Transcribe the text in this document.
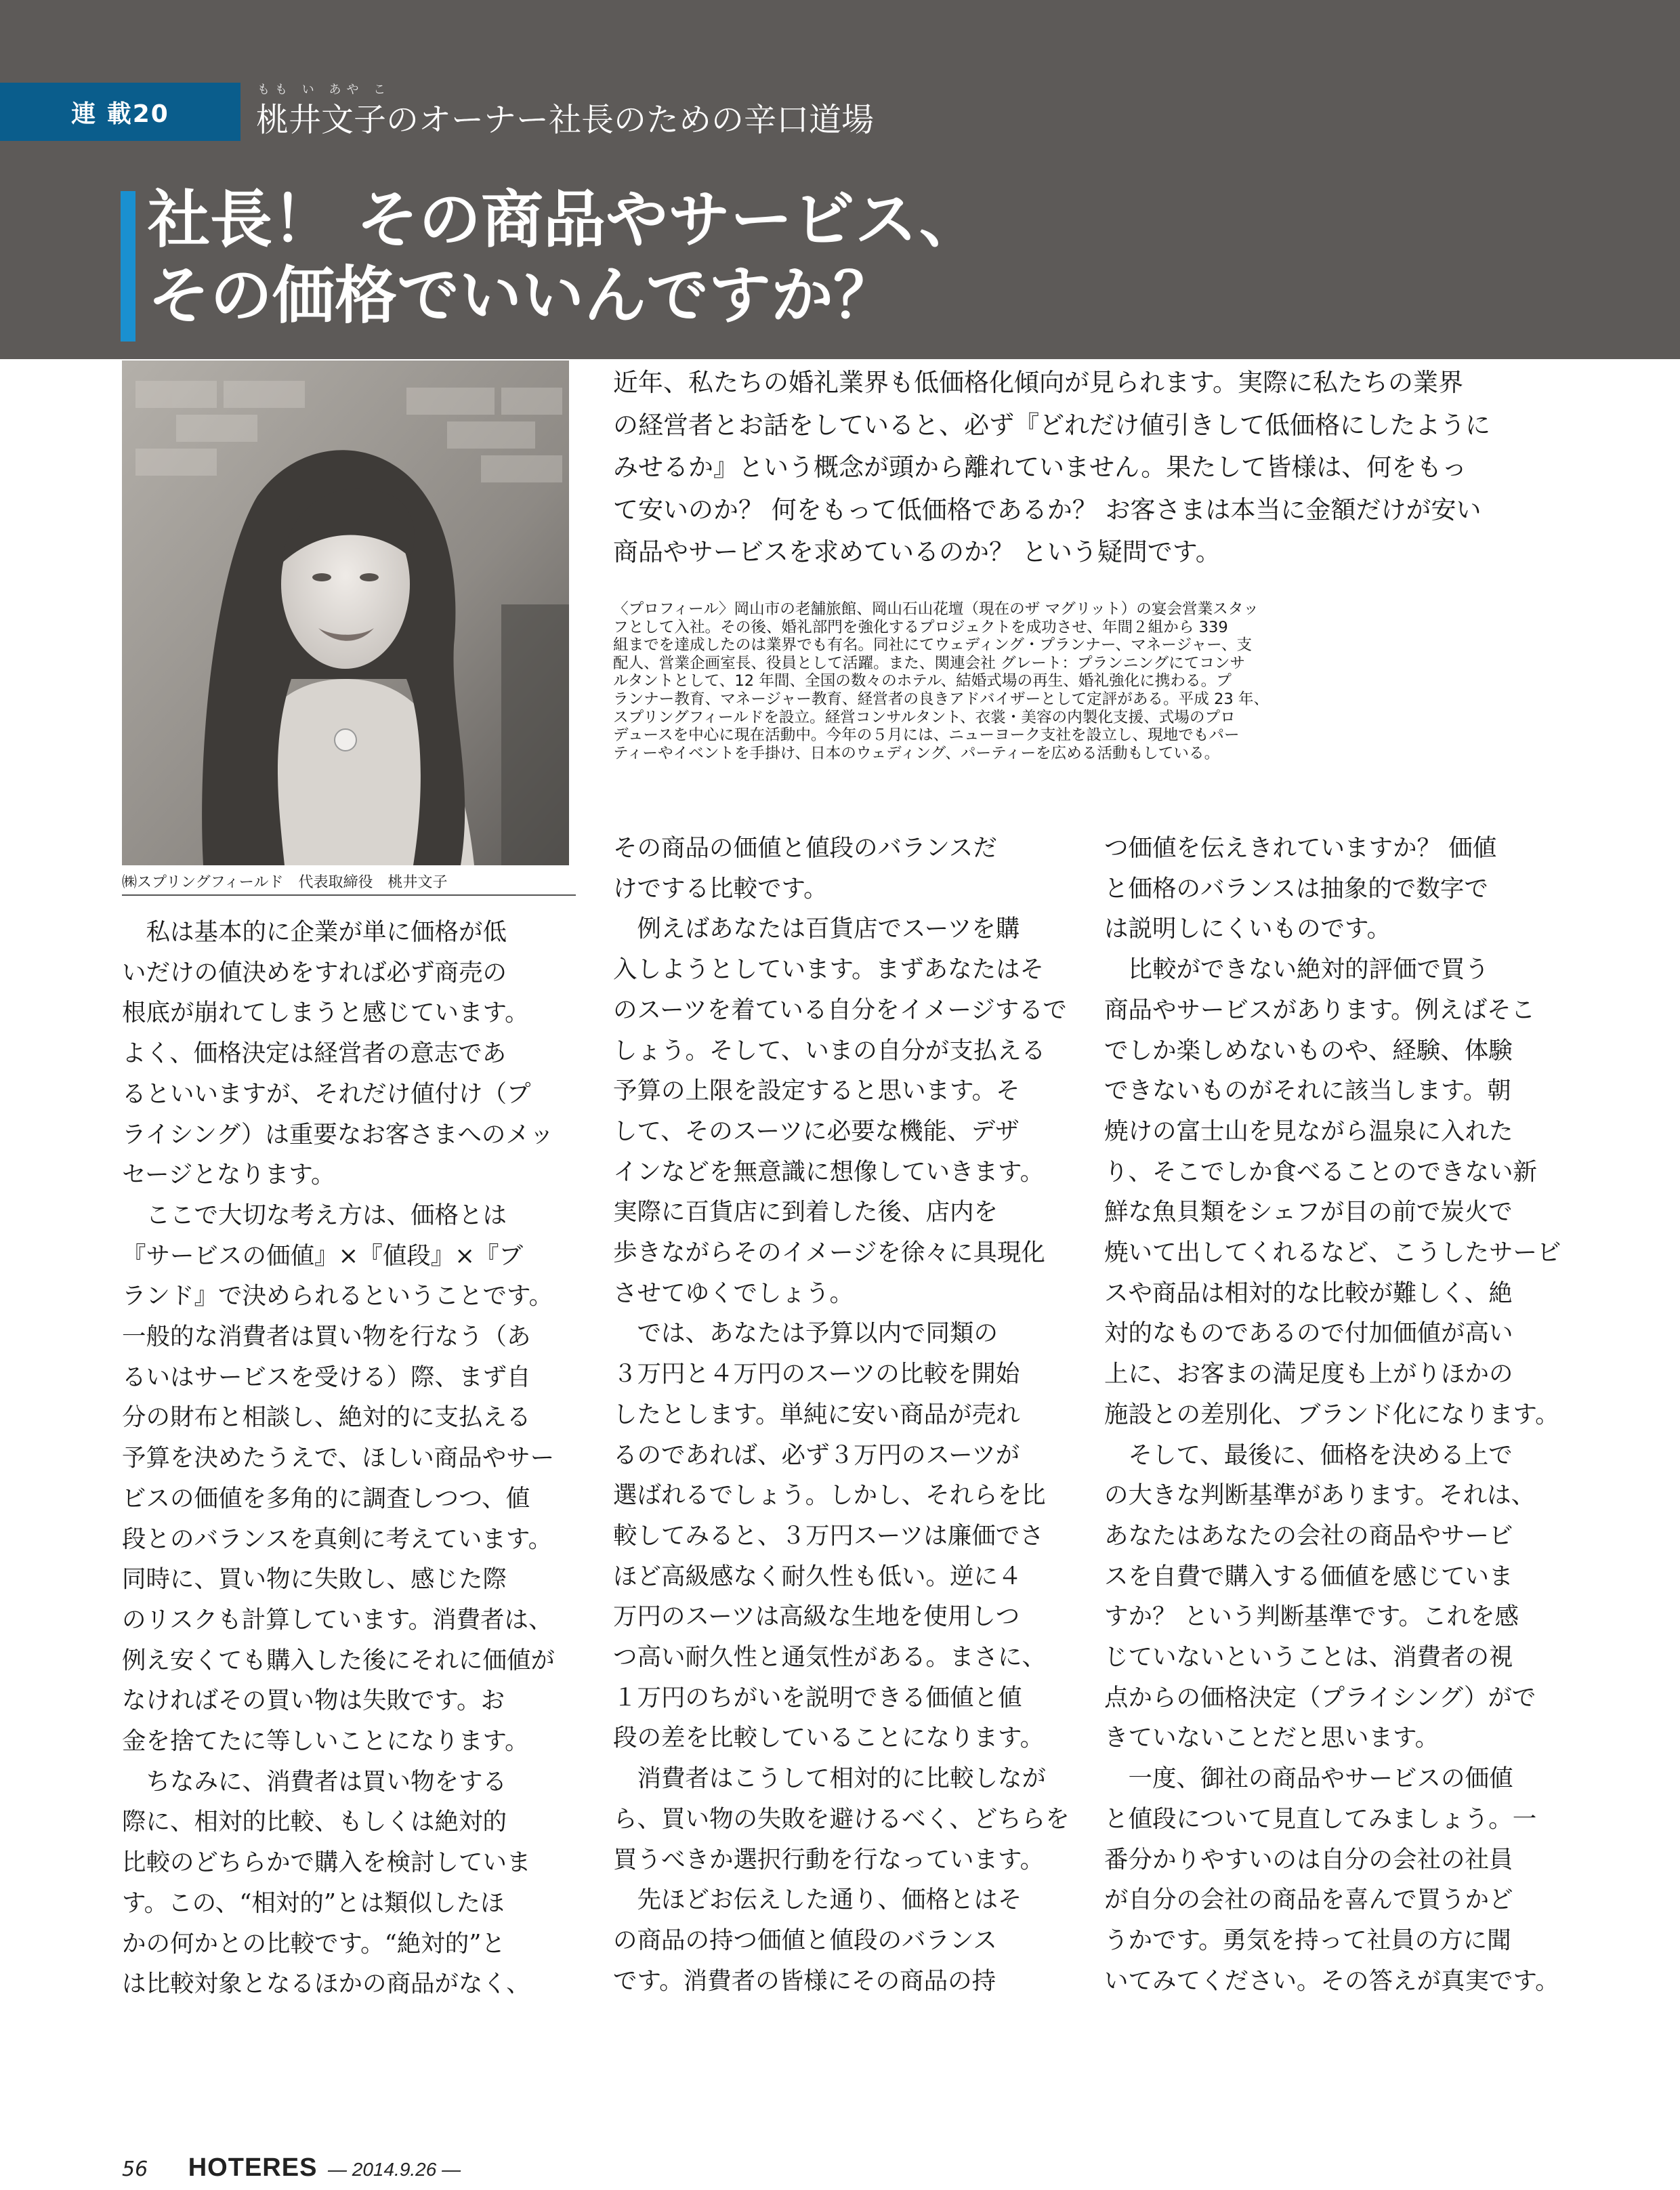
連 載20
もも い あや こ
桃井文子のオーナー社長のための辛口道場
社長！ その商品やサービス、
その価格でいいんですか？
㈱スプリングフィールド　代表取締役　桃井文子

近年、私たちの婚礼業界も低価格化傾向が見られます。実際に私たちの業界

の経営者とお話をしていると、必ず『どれだけ値引きして低価格にしたように

みせるか』という概念が頭から離れていません。果たして皆様は、何をもっ

て安いのか？ 何をもって低価格であるか？ お客さまは本当に金額だけが安い

商品やサービスを求めているのか？ という疑問です。

〈プロフィール〉岡山市の老舗旅館、岡山石山花壇（現在のザ マグリット）の宴会営業スタッ

フとして入社。その後、婚礼部門を強化するプロジェクトを成功させ、年間２組から 339

組までを達成したのは業界でも有名。同社にてウェディング・プランナー、マネージャー、支

配人、営業企画室長、役員として活躍。また、関連会社 グレート：プランニングにてコンサ

ルタントとして、12 年間、全国の数々のホテル、結婚式場の再生、婚礼強化に携わる。プ

ランナー教育、マネージャー教育、経営者の良きアドバイザーとして定評がある。平成 23 年、

スプリングフィールドを設立。経営コンサルタント、衣裳・美容の内製化支援、式場のプロ

デュースを中心に現在活動中。今年の５月には、ニューヨーク支社を設立し、現地でもパー

ティーやイベントを手掛け、日本のウェディング、パーティーを広める活動もしている。

　私は基本的に企業が単に価格が低

いだけの値決めをすれば必ず商売の

根底が崩れてしまうと感じています。

よく、価格決定は経営者の意志であ

るといいますが、それだけ値付け（プ

ライシング）は重要なお客さまへのメッ

セージとなります。

　ここで大切な考え方は、価格とは

『サービスの価値』×『値段』×『ブ

ランド』で決められるということです。

一般的な消費者は買い物を行なう（あ

るいはサービスを受ける）際、まず自

分の財布と相談し、絶対的に支払える

予算を決めたうえで、ほしい商品やサー

ビスの価値を多角的に調査しつつ、値

段とのバランスを真剣に考えています。

同時に、買い物に失敗し、感じた際

のリスクも計算しています。消費者は、

例え安くても購入した後にそれに価値が

なければその買い物は失敗です。お

金を捨てたに等しいことになります。

　ちなみに、消費者は買い物をする

際に、相対的比較、もしくは絶対的

比較のどちらかで購入を検討していま

す。この、“相対的”とは類似したほ

かの何かとの比較です。“絶対的”と

は比較対象となるほかの商品がなく、

その商品の価値と値段のバランスだ

けでする比較です。

　例えばあなたは百貨店でスーツを購

入しようとしています。まずあなたはそ

のスーツを着ている自分をイメージするで

しょう。そして、いまの自分が支払える

予算の上限を設定すると思います。そ

して、そのスーツに必要な機能、デザ

インなどを無意識に想像していきます。

実際に百貨店に到着した後、店内を

歩きながらそのイメージを徐々に具現化

させてゆくでしょう。

　では、あなたは予算以内で同類の

３万円と４万円のスーツの比較を開始

したとします。単純に安い商品が売れ

るのであれば、必ず３万円のスーツが

選ばれるでしょう。しかし、それらを比

較してみると、３万円スーツは廉価でさ

ほど高級感なく耐久性も低い。逆に４

万円のスーツは高級な生地を使用しつ

つ高い耐久性と通気性がある。まさに、

１万円のちがいを説明できる価値と値

段の差を比較していることになります。

　消費者はこうして相対的に比較しなが

ら、買い物の失敗を避けるべく、どちらを

買うべきか選択行動を行なっています。

　先ほどお伝えした通り、価格とはそ

の商品の持つ価値と値段のバランス

です。消費者の皆様にその商品の持

つ価値を伝えきれていますか？ 価値

と価格のバランスは抽象的で数字で

は説明しにくいものです。

　比較ができない絶対的評価で買う

商品やサービスがあります。例えばそこ

でしか楽しめないものや、経験、体験

できないものがそれに該当します。朝

焼けの富士山を見ながら温泉に入れた

り、そこでしか食べることのできない新

鮮な魚貝類をシェフが目の前で炭火で

焼いて出してくれるなど、こうしたサービ

スや商品は相対的な比較が難しく、絶

対的なものであるので付加価値が高い

上に、お客まの満足度も上がりほかの

施設との差別化、ブランド化になります。

　そして、最後に、価格を決める上で

の大きな判断基準があります。それは、

あなたはあなたの会社の商品やサービ

スを自費で購入する価値を感じていま

すか？ という判断基準です。これを感

じていないということは、消費者の視

点からの価格決定（プライシング）がで

きていないことだと思います。

　一度、御社の商品やサービスの価値

と値段について見直してみましょう。一

番分かりやすいのは自分の会社の社員

が自分の会社の商品を喜んで買うかど

うかです。勇気を持って社員の方に聞

いてみてください。その答えが真実です。

56 HOTERES — 2014.9.26 —
